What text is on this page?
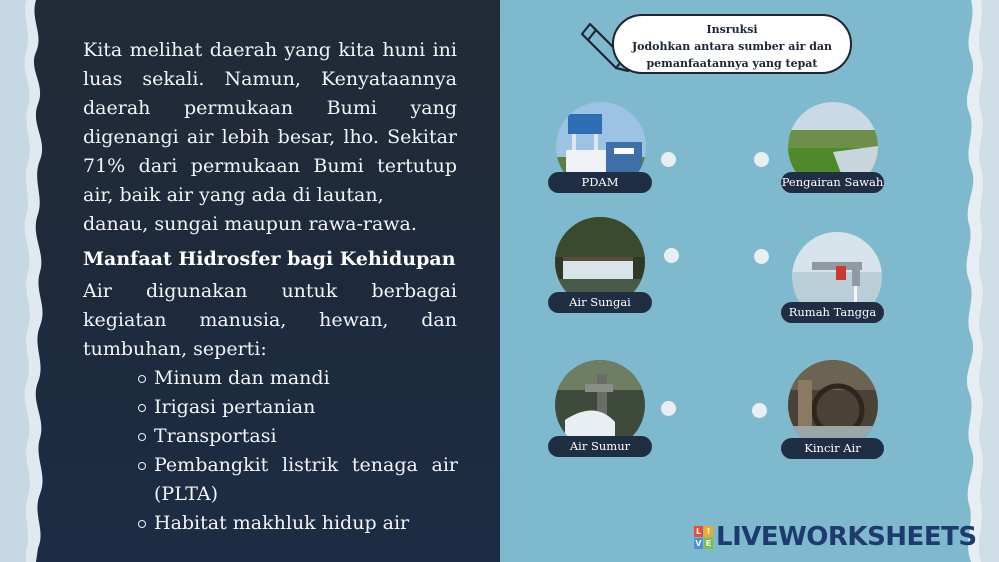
Kita melihat daerah yang kita huni ini luas sekali. Namun, Kenyataannya daerah permukaan Bumi yang digenangi air lebih besar, lho. Sekitar 71% dari permukaan Bumi tertutup air, baik air yang ada di lautan,
danau, sungai maupun rawa-rawa.
Manfaat Hidrosfer bagi Kehidupan
Air digunakan untuk berbagai kegiatan manusia, hewan, dan tumbuhan, seperti:
Minum dan mandi
Irigasi pertanian
Transportasi
Pembangkit listrik tenaga air (PLTA)
Habitat makhluk hidup air
Insruksi
Jodohkan antara sumber air dan
pemanfaatannya yang tepat
PDAM
Air Sungai
Air Sumur
Pengairan Sawah
Rumah Tangga
Kincir Air
L I
V E LIVEWORKSHEETS
